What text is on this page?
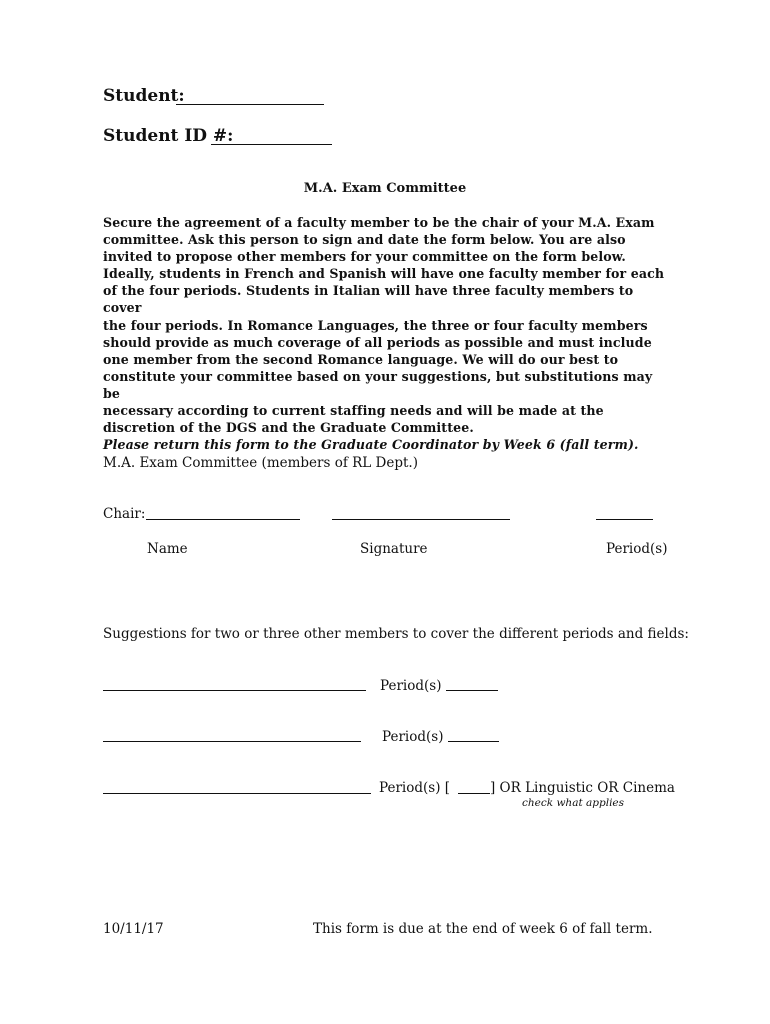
Student:
Student ID #:
M.A. Exam Committee
Secure the agreement of a faculty member to be the chair of your M.A. Exam
committee. Ask this person to sign and date the form below. You are also
invited to propose other members for your committee on the form below.
Ideally, students in French and Spanish will have one faculty member for each
of the four periods. Students in Italian will have three faculty members to cover
the four periods. In Romance Languages, the three or four faculty members
should provide as much coverage of all periods as possible and must include
one member from the second Romance language. We will do our best to
constitute your committee based on your suggestions, but substitutions may be
necessary according to current staffing needs and will be made at the
discretion of the DGS and the Graduate Committee.
Please return this form to the Graduate Coordinator by Week 6 (fall term).
M.A. Exam Committee (members of RL Dept.)
Chair:
Name	Signature	Period(s)
Suggestions for two or three other members to cover the different periods and fields:
Period(s)
Period(s)
Period(s) [	] OR Linguistic OR Cinema
check what applies
10/11/17	This form is due at the end of week 6 of fall term.
